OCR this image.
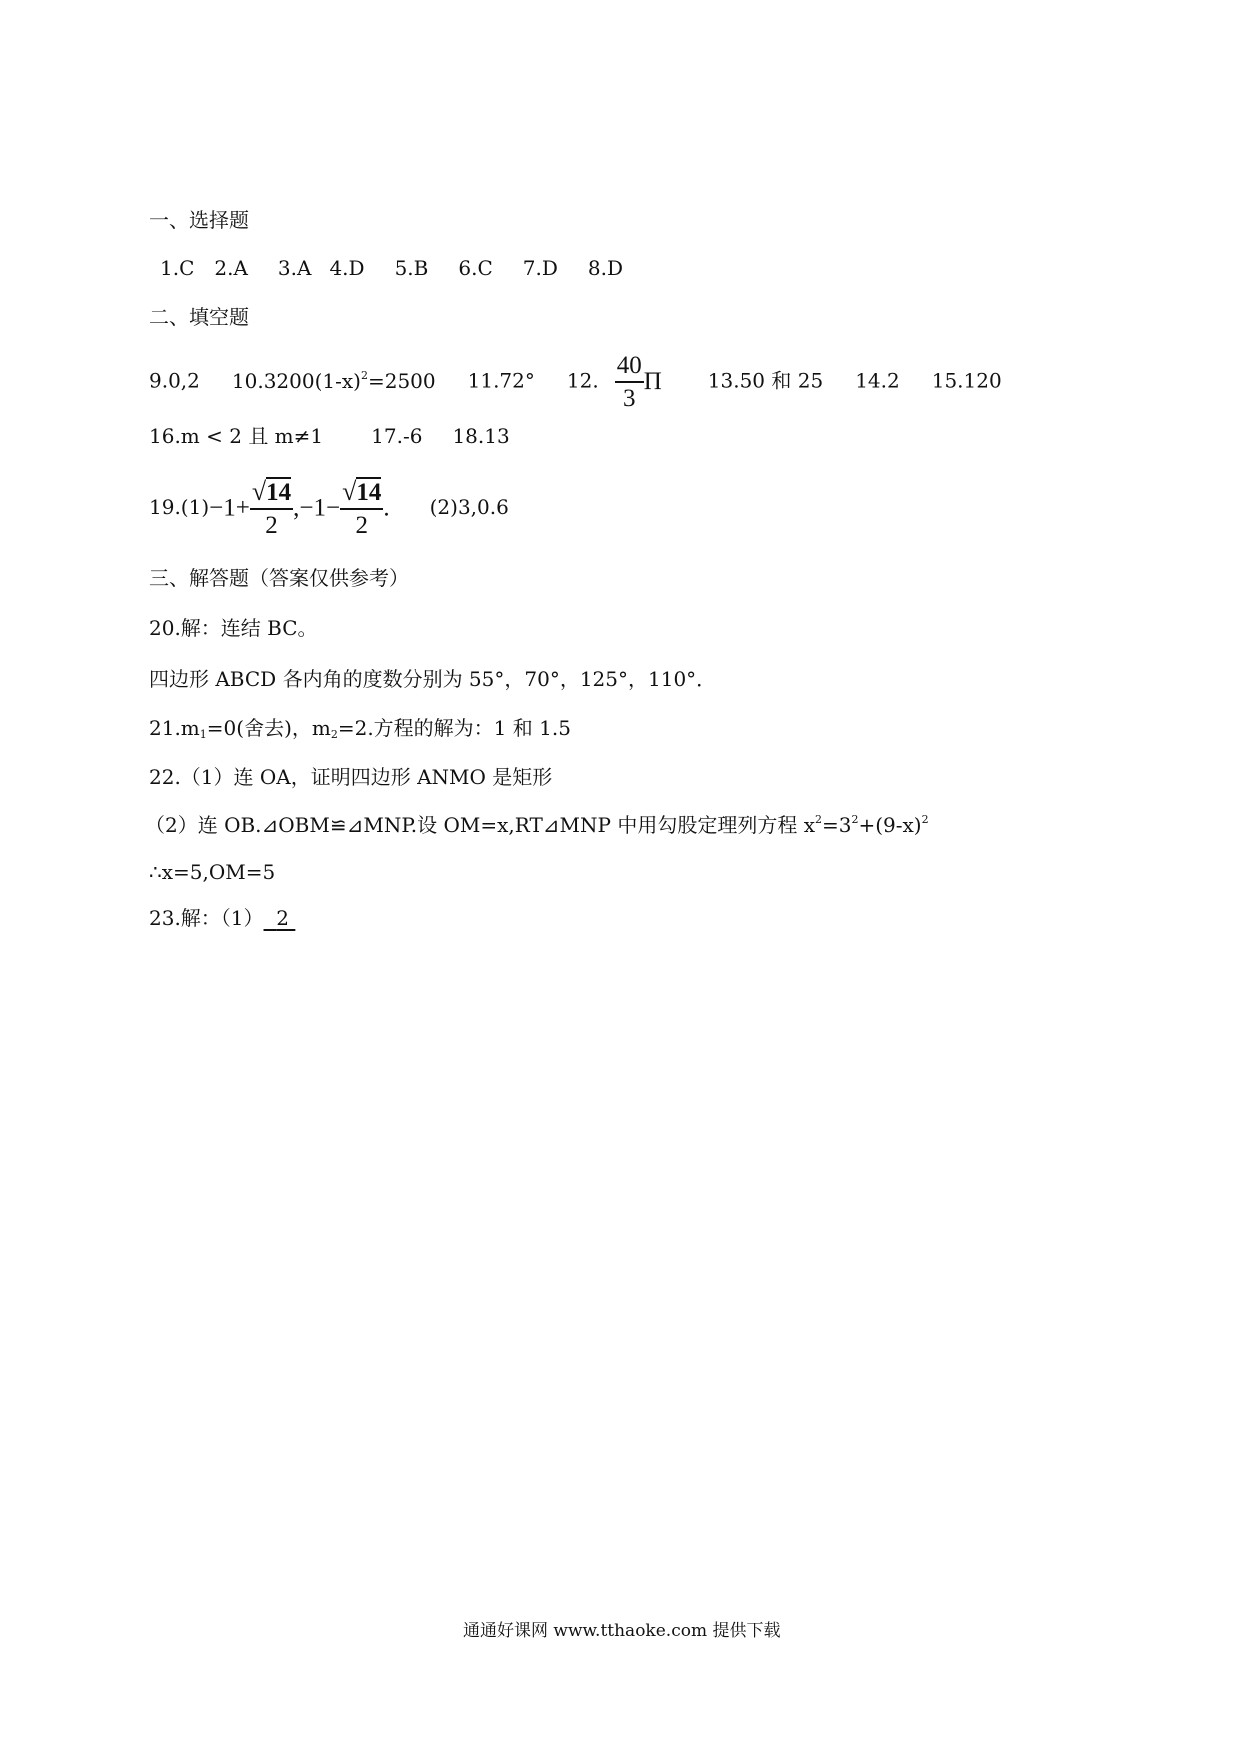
一、选择题
1.C 2.A 3.A 4.D 5.B 6.C 7.D 8.D
二、填空题
9.0,2 $10.3200(1-x)^2=2500$ 11.72° 12. $\frac{40}{3}$ Π 13.50 和 25 14.2 15.120
16.m < 2 且 m≠1 17.-6 18.13
$19.(1)-1+ \frac{√ 14}{2} ,-1- \frac{√ 14}{2}$ . (2)3,0.6
三、解答题（答案仅供参考）
20.解：连结 BC。
四边形 ABCD 各内角的度数分别为 55°，70°，125°，110°．
$21.m_1=0$(舍去)，$m_2=2$.方程的解为：1 和 1.5
22.（1）连 OA，证明四边形 ANMO 是矩形
（2）连 OB.⊿OBM≌⊿MNP.设 OM=x,RT⊿MNP 中用勾股定理列方程 $x^2=3^2+(9-x)^2$
∴x=5,OM=5
23.解：（1） 2
通通好课网 www.tthaoke.com 提供下载
